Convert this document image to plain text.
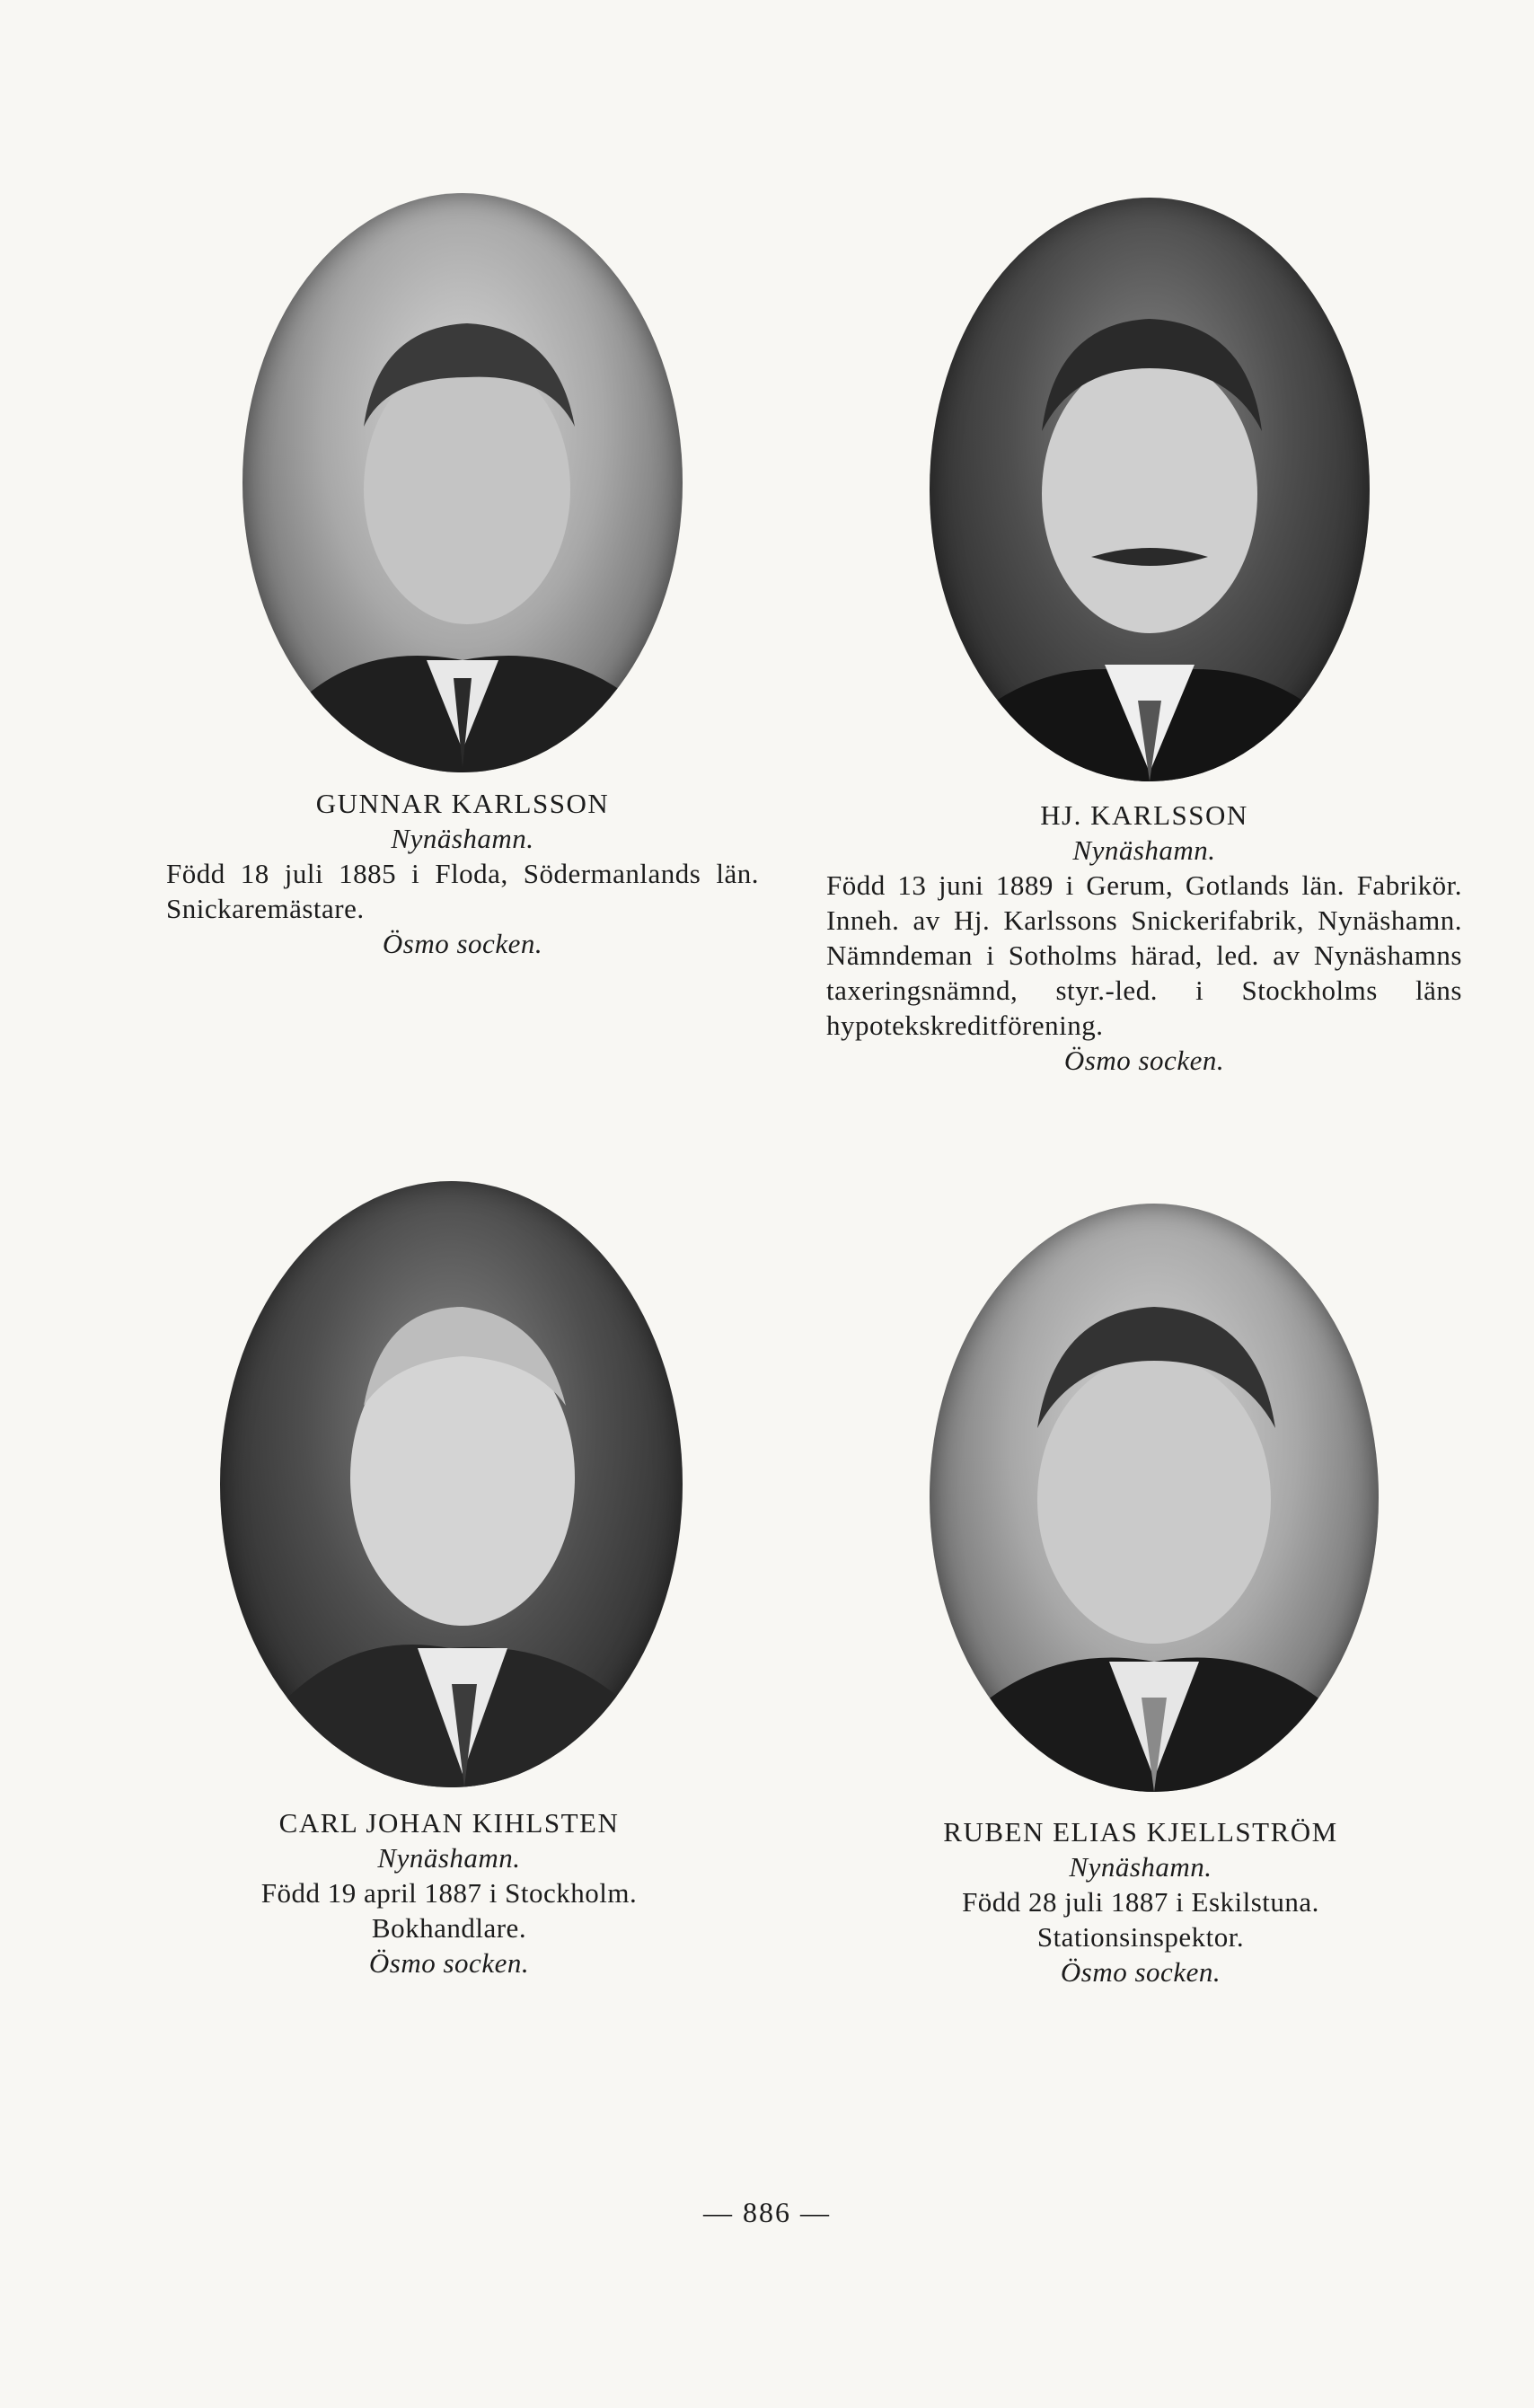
GUNNAR KARLSSON
Nynäshamn.
Född 18 juli 1885 i Floda, Södermanlands län. Snickaremästare.
Ösmo socken.
HJ. KARLSSON
Nynäshamn.
Född 13 juni 1889 i Gerum, Gotlands län. Fabrikör. Inneh. av Hj. Karlssons Snickerifabrik, Nynäshamn. Nämndeman i Sotholms härad, led. av Nynäshamns taxeringsnämnd, styr.-led. i Stockholms läns hypotekskreditförening.
Ösmo socken.
CARL JOHAN KIHLSTEN
Nynäshamn.
Född 19 april 1887 i Stockholm.
Bokhandlare.
Ösmo socken.
RUBEN ELIAS KJELLSTRÖM
Nynäshamn.
Född 28 juli 1887 i Eskilstuna.
Stationsinspektor.
Ösmo socken.
— 886 —
